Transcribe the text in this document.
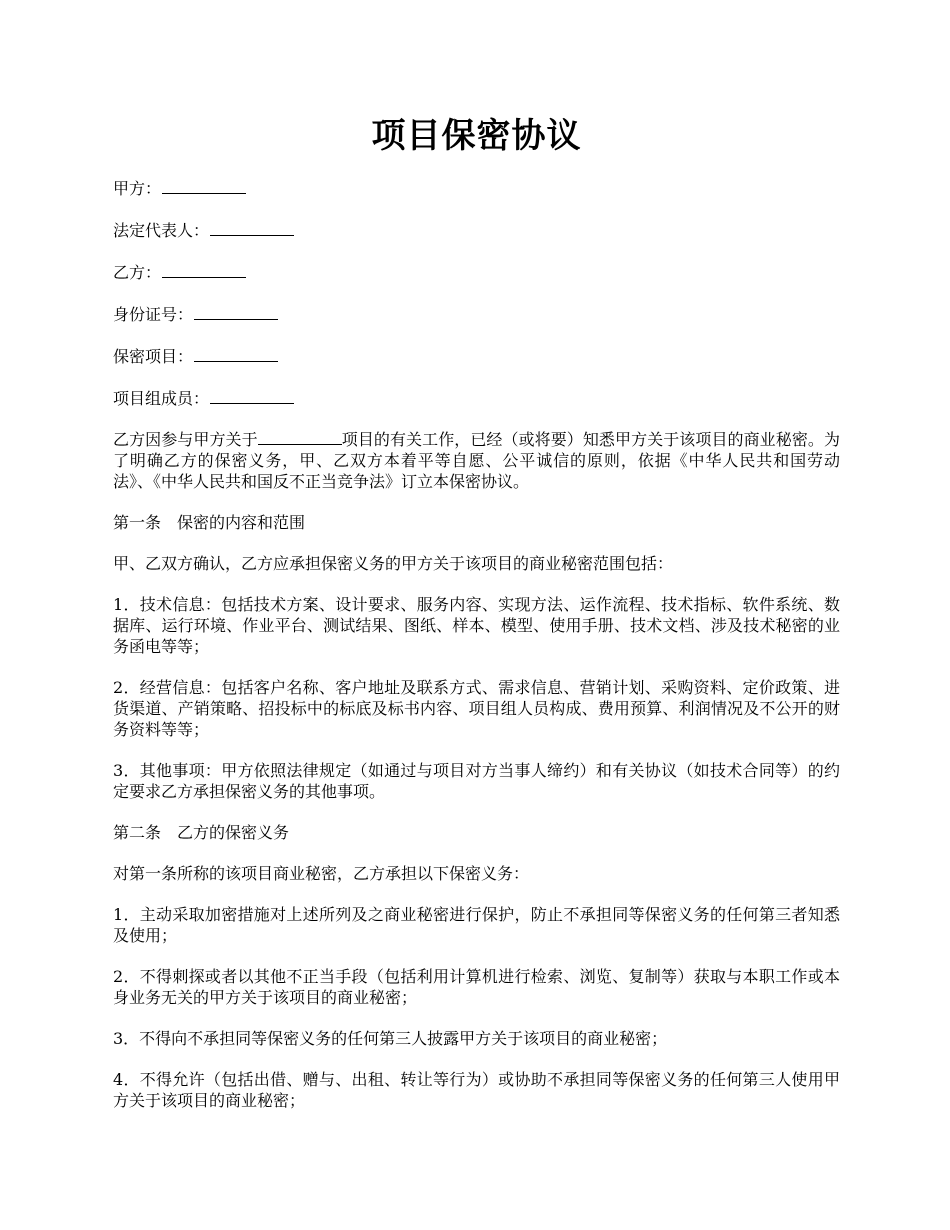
项目保密协议
甲方：
法定代表人：
乙方：
身份证号：
保密项目：
项目组成员：

乙方因参与甲方关于	项目的有关工作，已经（或将要）知悉甲方关于该项目的商业秘密。为了明确乙方的保密义务，甲、乙双方本着平等自愿、公平诚信的原则，依据《中华人民共和国劳动法》、《中华人民共和国反不正当竞争法》订立本保密协议。

第一条　保密的内容和范围

甲、乙双方确认，乙方应承担保密义务的甲方关于该项目的商业秘密范围包括：

1．技术信息：包括技术方案、设计要求、服务内容、实现方法、运作流程、技术指标、软件系统、数据库、运行环境、作业平台、测试结果、图纸、样本、模型、使用手册、技术文档、涉及技术秘密的业务函电等等；

2．经营信息：包括客户名称、客户地址及联系方式、需求信息、营销计划、采购资料、定价政策、进货渠道、产销策略、招投标中的标底及标书内容、项目组人员构成、费用预算、利润情况及不公开的财务资料等等；

3．其他事项：甲方依照法律规定（如通过与项目对方当事人缔约）和有关协议（如技术合同等）的约定要求乙方承担保密义务的其他事项。

第二条　乙方的保密义务

对第一条所称的该项目商业秘密，乙方承担以下保密义务：

1．主动采取加密措施对上述所列及之商业秘密进行保护，防止不承担同等保密义务的任何第三者知悉及使用；

2．不得刺探或者以其他不正当手段（包括利用计算机进行检索、浏览、复制等）获取与本职工作或本身业务无关的甲方关于该项目的商业秘密；

3．不得向不承担同等保密义务的任何第三人披露甲方关于该项目的商业秘密；

4．不得允许（包括出借、赠与、出租、转让等行为）或协助不承担同等保密义务的任何第三人使用甲方关于该项目的商业秘密；
